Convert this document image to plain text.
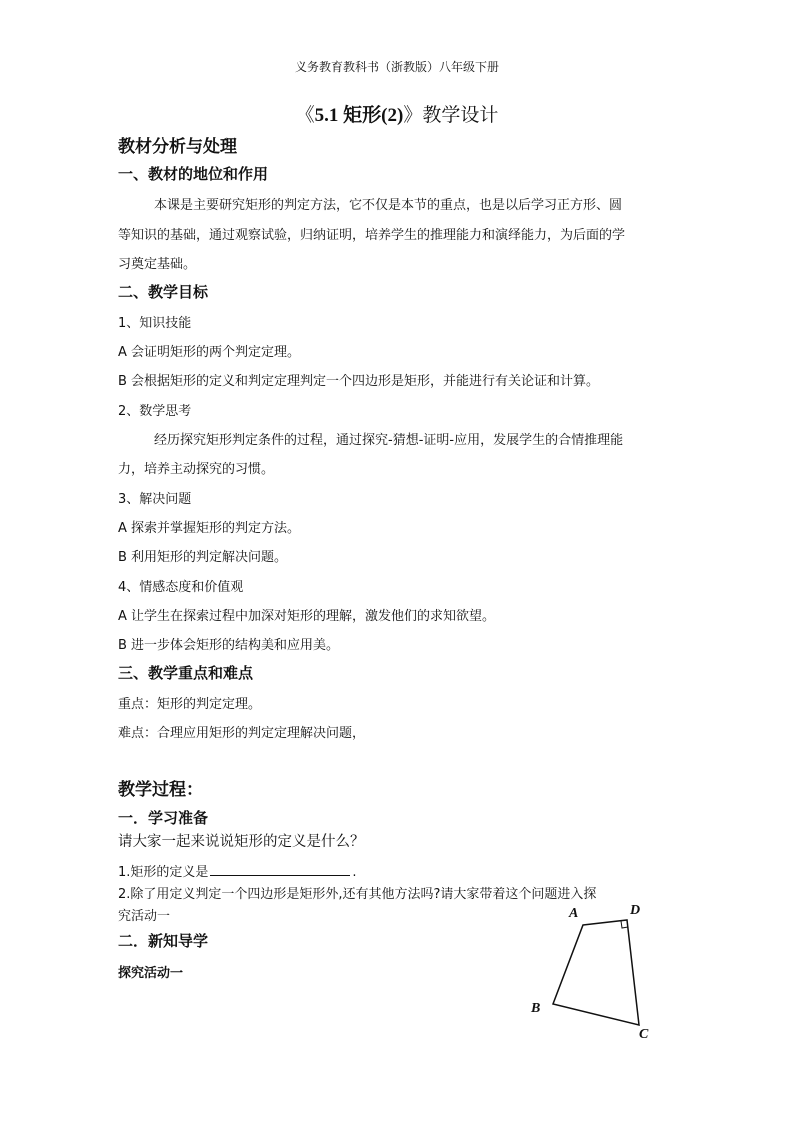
义务教育教科书（浙教版）八年级下册
《5.1 矩形(2)》教学设计
教材分析与处理
一、教材的地位和作用
本课是主要研究矩形的判定方法，它不仅是本节的重点，也是以后学习正方形、圆
等知识的基础，通过观察试验，归纳证明，培养学生的推理能力和演绎能力，为后面的学
习奠定基础。
二、教学目标
1、知识技能
A 会证明矩形的两个判定定理。
B 会根据矩形的定义和判定定理判定一个四边形是矩形，并能进行有关论证和计算。
2、数学思考
经历探究矩形判定条件的过程，通过探究-猜想-证明-应用，发展学生的合情推理能
力，培养主动探究的习惯。
3、解决问题
A 探索并掌握矩形的判定方法。
B 利用矩形的判定解决问题。
4、情感态度和价值观
A 让学生在探索过程中加深对矩形的理解，激发他们的求知欲望。
B 进一步体会矩形的结构美和应用美。
三、教学重点和难点
重点：矩形的判定定理。
难点：合理应用矩形的判定定理解决问题，
教学过程：
一．学习准备
请大家一起来说说矩形的定义是什么？
1.矩形的定义是	.
2.除了用定义判定一个四边形是矩形外,还有其他方法吗?请大家带着这个问题进入探
究活动一
二．新知导学
探究活动一
A	D
B
C
